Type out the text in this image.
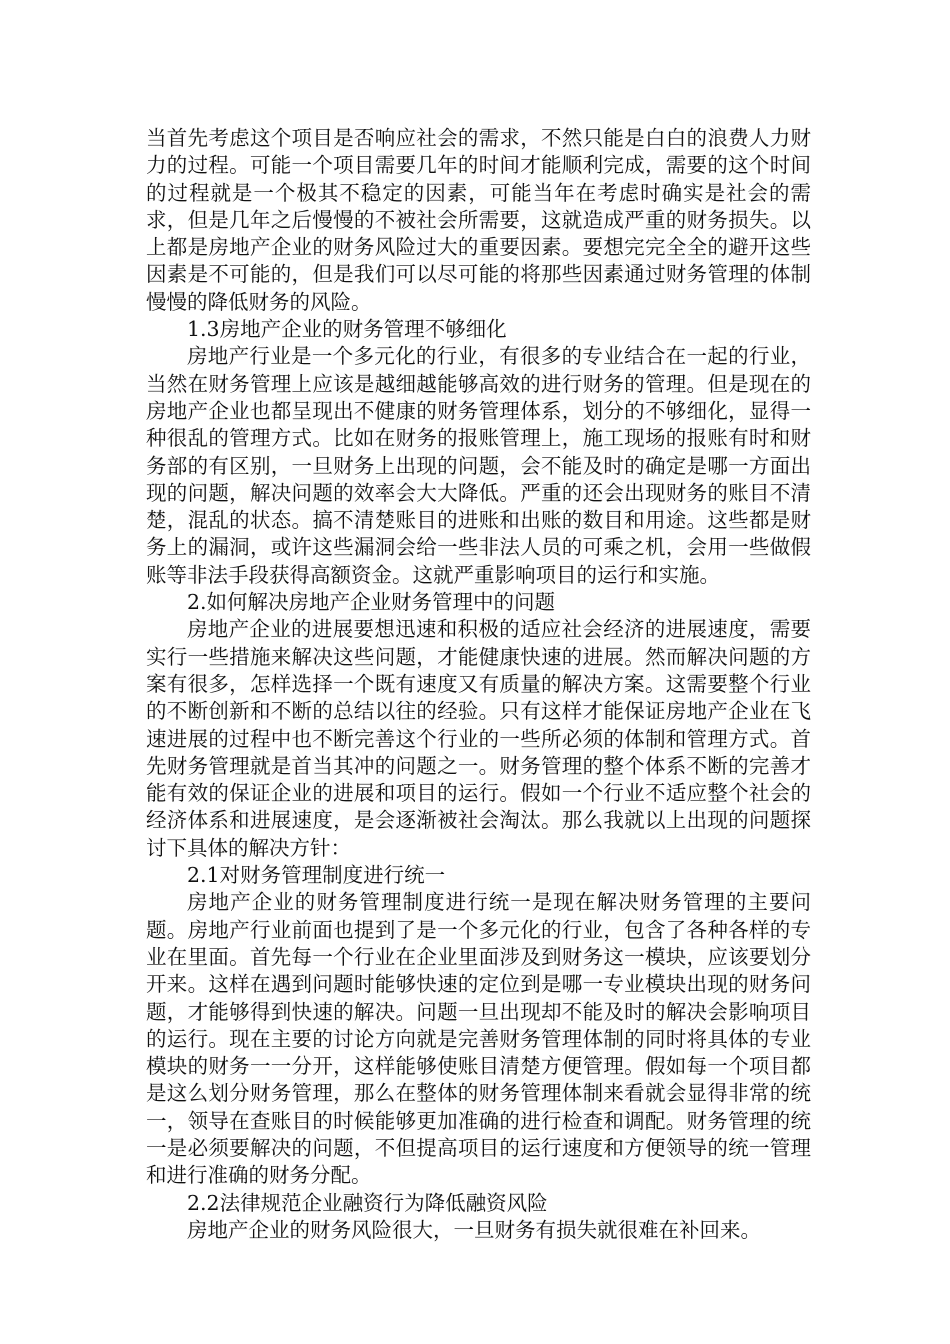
当首先考虑这个项目是否响应社会的需求，不然只能是白白的浪费人力财力的过程。可能一个项目需要几年的时间才能顺利完成，需要的这个时间的过程就是一个极其不稳定的因素，可能当年在考虑时确实是社会的需求，但是几年之后慢慢的不被社会所需要，这就造成严重的财务损失。以上都是房地产企业的财务风险过大的重要因素。要想完完全全的避开这些因素是不可能的，但是我们可以尽可能的将那些因素通过财务管理的体制慢慢的降低财务的风险。

1.3房地产企业的财务管理不够细化

房地产行业是一个多元化的行业，有很多的专业结合在一起的行业，当然在财务管理上应该是越细越能够高效的进行财务的管理。但是现在的房地产企业也都呈现出不健康的财务管理体系，划分的不够细化，显得一种很乱的管理方式。比如在财务的报账管理上，施工现场的报账有时和财务部的有区别，一旦财务上出现的问题，会不能及时的确定是哪一方面出现的问题，解决问题的效率会大大降低。严重的还会出现财务的账目不清楚，混乱的状态。搞不清楚账目的进账和出账的数目和用途。这些都是财务上的漏洞，或许这些漏洞会给一些非法人员的可乘之机，会用一些做假账等非法手段获得高额资金。这就严重影响项目的运行和实施。

2.如何解决房地产企业财务管理中的问题

房地产企业的进展要想迅速和积极的适应社会经济的进展速度，需要实行一些措施来解决这些问题，才能健康快速的进展。然而解决问题的方案有很多，怎样选择一个既有速度又有质量的解决方案。这需要整个行业的不断创新和不断的总结以往的经验。只有这样才能保证房地产企业在飞速进展的过程中也不断完善这个行业的一些所必须的体制和管理方式。首先财务管理就是首当其冲的问题之一。财务管理的整个体系不断的完善才能有效的保证企业的进展和项目的运行。假如一个行业不适应整个社会的经济体系和进展速度，是会逐渐被社会淘汰。那么我就以上出现的问题探讨下具体的解决方针：

2.1对财务管理制度进行统一

房地产企业的财务管理制度进行统一是现在解决财务管理的主要问题。房地产行业前面也提到了是一个多元化的行业，包含了各种各样的专业在里面。首先每一个行业在企业里面涉及到财务这一模块，应该要划分开来。这样在遇到问题时能够快速的定位到是哪一专业模块出现的财务问题，才能够得到快速的解决。问题一旦出现却不能及时的解决会影响项目的运行。现在主要的讨论方向就是完善财务管理体制的同时将具体的专业模块的财务一一分开，这样能够使账目清楚方便管理。假如每一个项目都是这么划分财务管理，那么在整体的财务管理体制来看就会显得非常的统一，领导在查账目的时候能够更加准确的进行检查和调配。财务管理的统一是必须要解决的问题，不但提高项目的运行速度和方便领导的统一管理和进行准确的财务分配。

2.2法律规范企业融资行为降低融资风险

房地产企业的财务风险很大，一旦财务有损失就很难在补回来。
